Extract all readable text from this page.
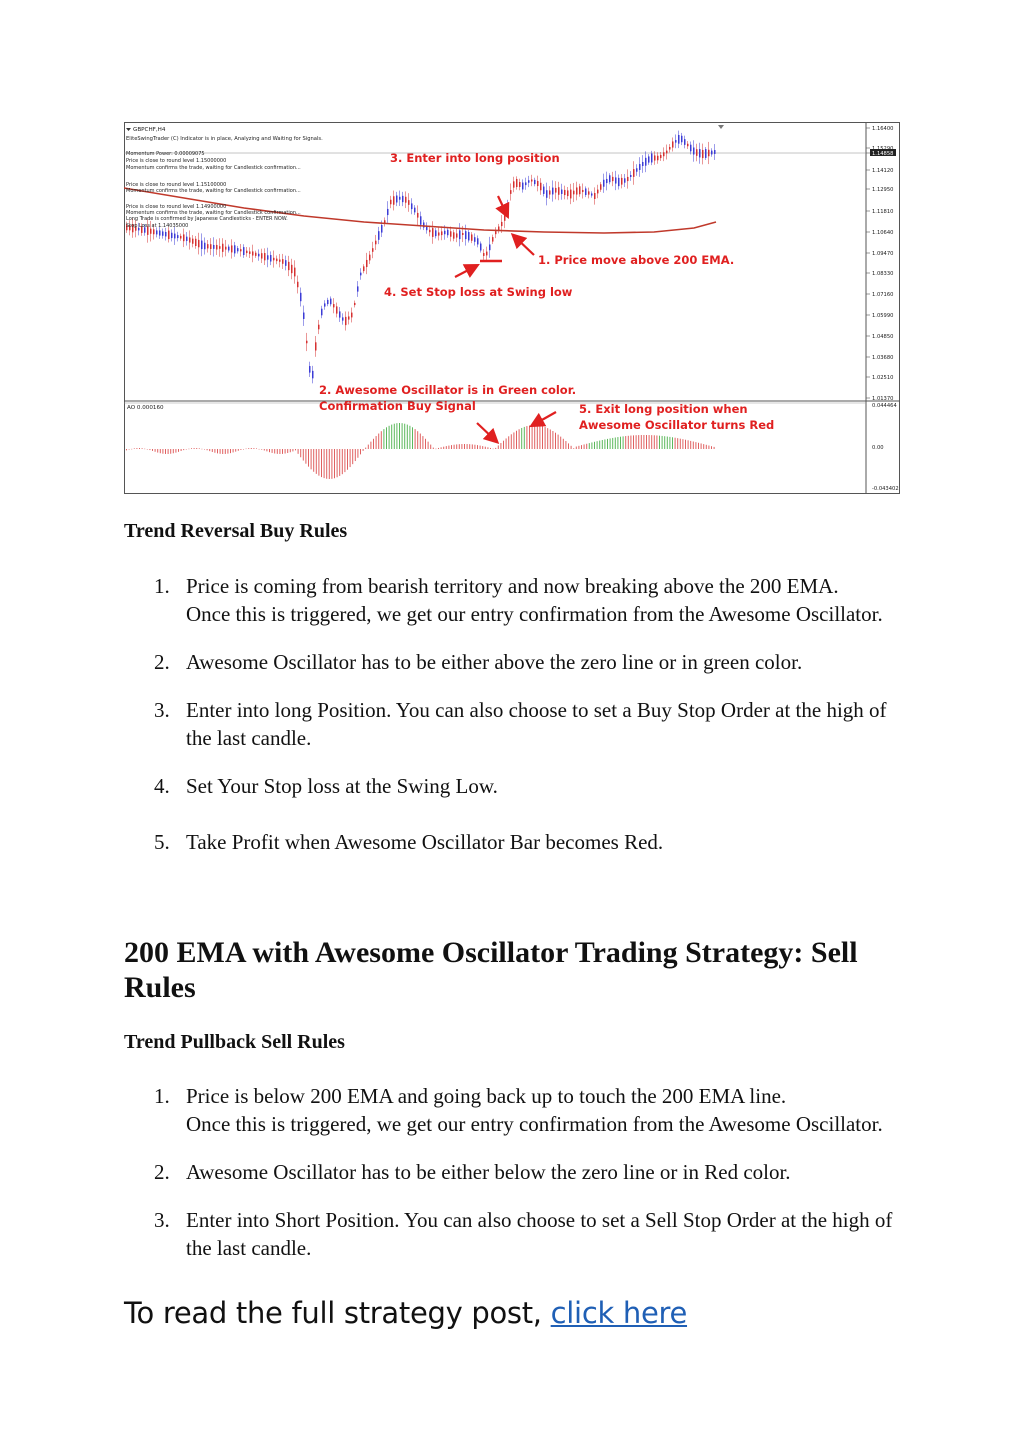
1.16400
1.14858
1.14120
1.12950
1.11810
1.10640
1.09470
1.08330
1.07160
1.05990
1.04850
1.03680
1.02510
1.01370
0.044464
0.00
-0.043402
GBPCHF,H4
EliteSwingTrader (C) Indicator is in place, Analyzing and Waiting for Signals.
Momentum Power: 0.00009075
Price is close to round level 1.15000000
Momentum confirms the trade, waiting for Candlestick confirmation...
Price is close to round level 1.15100000
Momentum confirms the trade, waiting for Candlestick confirmation...
Price is close to round level 1.14900000
Momentum confirms the trade, waiting for Candlestick confirmation...
Long Trade is confirmed by Japanese Candlesticks - ENTER NOW.
Stop Loss at 1.14035000
AO 0.000160
3. Enter into long position
1. Price move above 200 EMA.
4. Set Stop loss at Swing low
2. Awesome Oscillator is in Green color.
Confirmation Buy Signal	5. Exit long position when
Awesome Oscillator turns Red
Trend Reversal Buy Rules
1. Price is coming from bearish territory and now breaking above the 200 EMA.
Once this is triggered, we get our entry confirmation from the Awesome Oscillator.
2. Awesome Oscillator has to be either above the zero line or in green color.
3. Enter into long Position. You can also choose to set a Buy Stop Order at the high of the last candle.
4. Set Your Stop loss at the Swing Low.
5. Take Profit when Awesome Oscillator Bar becomes Red.
200 EMA with Awesome Oscillator Trading Strategy: Sell Rules
Trend Pullback Sell Rules
1. Price is below 200 EMA and going back up to touch the 200 EMA line.
Once this is triggered, we get our entry confirmation from the Awesome Oscillator.
2. Awesome Oscillator has to be either below the zero line or in Red color.
3. Enter into Short Position. You can also choose to set a Sell Stop Order at the high of the last candle.
To read the full strategy post, click here
